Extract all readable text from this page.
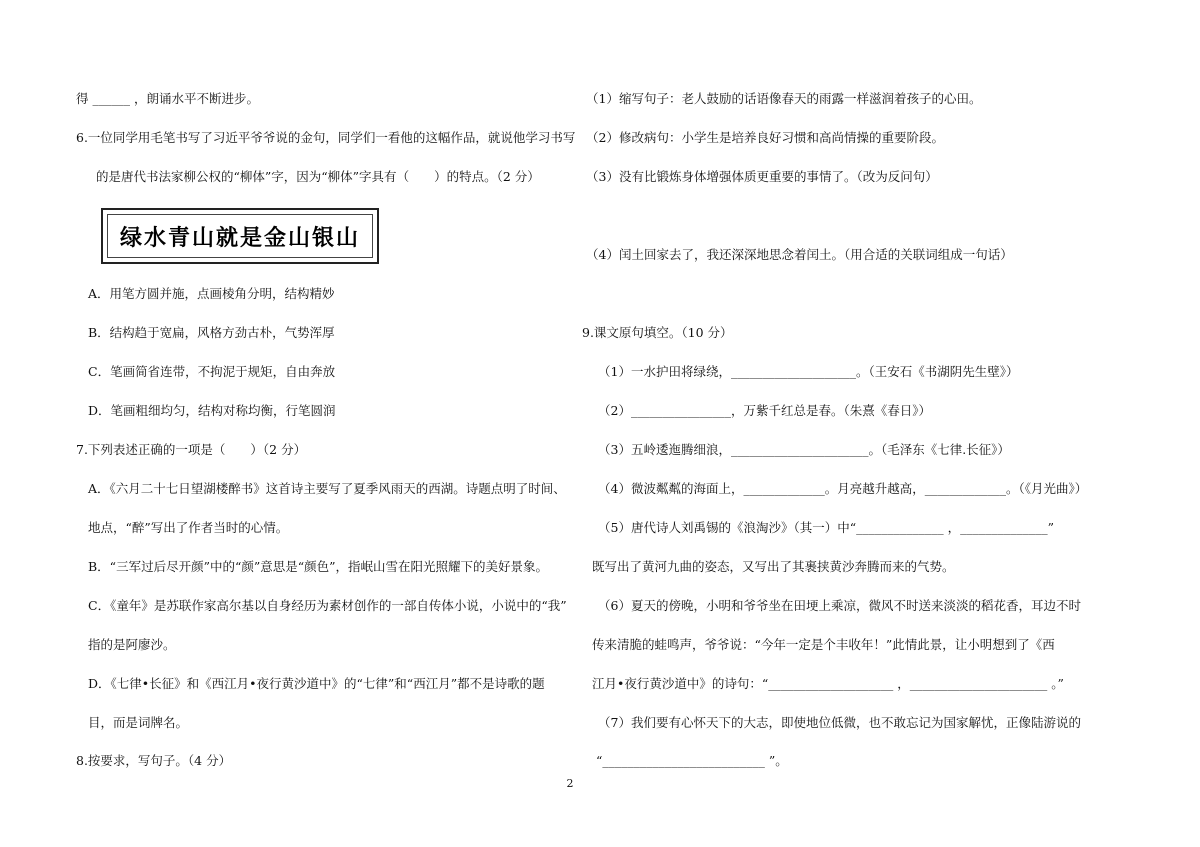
得 ______ ，朗诵水平不断进步。
6.一位同学用毛笔书写了习近平爷爷说的金句，同学们一看他的这幅作品，就说他学习书写
的是唐代书法家柳公权的“柳体”字，因为“柳体”字具有（　　）的特点。（2 分）
绿水青山就是金山银山
A．用笔方圆并施，点画棱角分明，结构精妙
B．结构趋于宽扁，风格方劲古朴，气势浑厚
C．笔画简省连带，不拘泥于规矩，自由奔放
D．笔画粗细均匀，结构对称均衡，行笔圆润
7.下列表述正确的一项是（　　）（2 分）
A．《六月二十七日望湖楼醉书》这首诗主要写了夏季风雨天的西湖。诗题点明了时间、
地点，“醉”写出了作者当时的心情。
B．“三军过后尽开颜”中的“颜”意思是“颜色”，指岷山雪在阳光照耀下的美好景象。
C．《童年》是苏联作家高尔基以自身经历为素材创作的一部自传体小说，小说中的“我”
指的是阿廖沙。
D．《七律•长征》和《西江月•夜行黄沙道中》的“七律”和“西江月”都不是诗歌的题
目，而是词牌名。
8.按要求，写句子。（4 分）
（1）缩写句子：老人鼓励的话语像春天的雨露一样滋润着孩子的心田。
（2）修改病句：小学生是培养良好习惯和高尚情操的重要阶段。
（3）没有比锻炼身体增强体质更重要的事情了。（改为反问句）
（4）闰土回家去了，我还深深地思念着闰土。（用合适的关联词组成一句话）
9.课文原句填空。（10 分）
（1）一水护田将绿绕，____________________。（王安石《书湖阴先生壁》）
（2）________________，万紫千红总是春。（朱熹《春日》）
（3）五岭逶迤腾细浪，______________________。（毛泽东《七律.长征》）
（4）微波粼粼的海面上，_____________。月亮越升越高，_____________。（《月光曲》）
（5）唐代诗人刘禹锡的《浪淘沙》（其一）中“______________ ，______________”
既写出了黄河九曲的姿态，又写出了其裹挟黄沙奔腾而来的气势。
（6）夏天的傍晚，小明和爷爷坐在田埂上乘凉，微风不时送来淡淡的稻花香，耳边不时
传来清脆的蛙鸣声，爷爷说：“今年一定是个丰收年！”此情此景，让小明想到了《西
江月•夜行黄沙道中》的诗句：“____________________ ，______________________ 。”
（7）我们要有心怀天下的大志，即使地位低微，也不敢忘记为国家解忧，正像陆游说的
“__________________________ ”。
2
